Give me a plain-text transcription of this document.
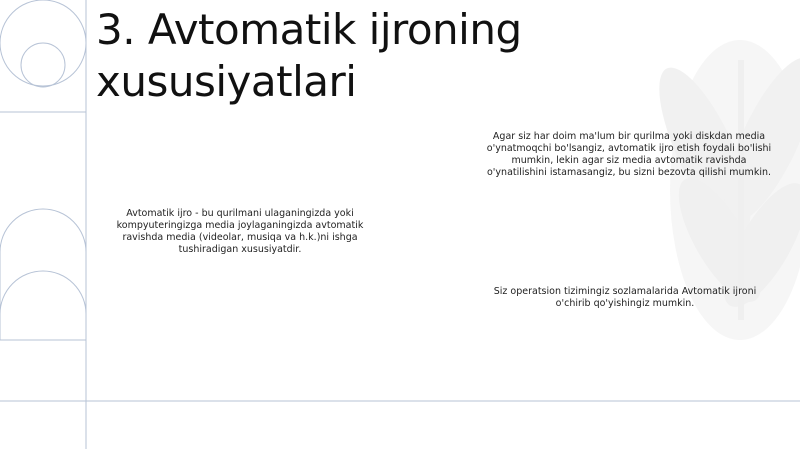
3. Avtomatik ijroning xususiyatlari
Agar siz har doim ma'lum bir qurilma yoki diskdan media o'ynatmoqchi bo'lsangiz, avtomatik ijro etish foydali bo'lishi mumkin, lekin agar siz media avtomatik ravishda o'ynatilishini istamasangiz, bu sizni bezovta qilishi mumkin.
Avtomatik ijro - bu qurilmani ulaganingizda yoki kompyuteringizga media joylaganingizda avtomatik ravishda media (videolar, musiqa va h.k.)ni ishga tushiradigan xususiyatdir.
Siz operatsion tizimingiz sozlamalarida Avtomatik ijroni o'chirib qo'yishingiz mumkin.
